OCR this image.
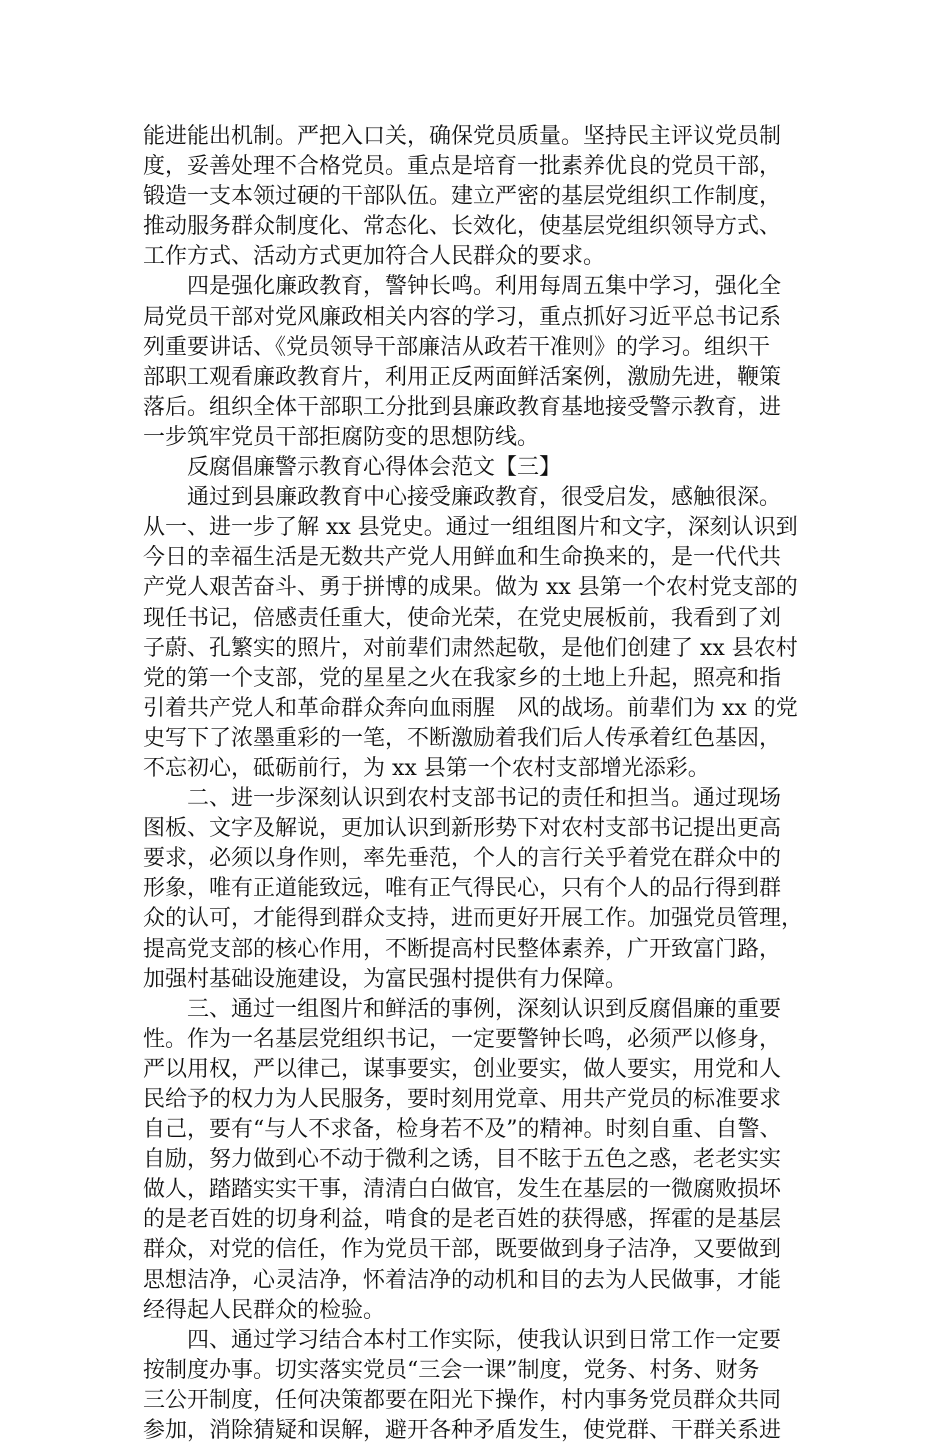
能进能出机制。严把入口关，确保党员质量。坚持民主评议党员制
度，妥善处理不合格党员。重点是培育一批素养优良的党员干部，
锻造一支本领过硬的干部队伍。建立严密的基层党组织工作制度，
推动服务群众制度化、常态化、长效化，使基层党组织领导方式、
工作方式、活动方式更加符合人民群众的要求。
　　四是强化廉政教育，警钟长鸣。利用每周五集中学习，强化全
局党员干部对党风廉政相关内容的学习，重点抓好习近平总书记系
列重要讲话、《党员领导干部廉洁从政若干准则》的学习。组织干
部职工观看廉政教育片，利用正反两面鲜活案例，激励先进，鞭策
落后。组织全体干部职工分批到县廉政教育基地接受警示教育，进
一步筑牢党员干部拒腐防变的思想防线。
　　反腐倡廉警示教育心得体会范文【三】
　　通过到县廉政教育中心接受廉政教育，很受启发，感触很深。
从一、进一步了解 xx 县党史。通过一组组图片和文字，深刻认识到
今日的幸福生活是无数共产党人用鲜血和生命换来的，是一代代共
产党人艰苦奋斗、勇于拼博的成果。做为 xx 县第一个农村党支部的
现任书记，倍感责任重大，使命光荣，在党史展板前，我看到了刘
子蔚、孔繁实的照片，对前辈们肃然起敬，是他们创建了 xx 县农村
党的第一个支部，党的星星之火在我家乡的土地上升起，照亮和指
引着共产党人和革命群众奔向血雨腥　风的战场。前辈们为 xx 的党
史写下了浓墨重彩的一笔，不断激励着我们后人传承着红色基因，
不忘初心，砥砺前行，为 xx 县第一个农村支部增光添彩。
　　二、进一步深刻认识到农村支部书记的责任和担当。通过现场
图板、文字及解说，更加认识到新形势下对农村支部书记提出更高
要求，必须以身作则，率先垂范，个人的言行关乎着党在群众中的
形象，唯有正道能致远，唯有正气得民心，只有个人的品行得到群
众的认可，才能得到群众支持，进而更好开展工作。加强党员管理，
提高党支部的核心作用，不断提高村民整体素养，广开致富门路，
加强村基础设施建设，为富民强村提供有力保障。
　　三、通过一组图片和鲜活的事例，深刻认识到反腐倡廉的重要
性。作为一名基层党组织书记，一定要警钟长鸣，必须严以修身，
严以用权，严以律己，谋事要实，创业要实，做人要实，用党和人
民给予的权力为人民服务，要时刻用党章、用共产党员的标准要求
自己，要有“与人不求备，检身若不及”的精神。时刻自重、自警、
自励，努力做到心不动于微利之诱，目不眩于五色之惑，老老实实
做人，踏踏实实干事，清清白白做官，发生在基层的一微腐败损坏
的是老百姓的切身利益，啃食的是老百姓的获得感，挥霍的是基层
群众，对党的信任，作为党员干部，既要做到身子洁净，又要做到
思想洁净，心灵洁净，怀着洁净的动机和目的去为人民做事，才能
经得起人民群众的检验。
　　四、通过学习结合本村工作实际，使我认识到日常工作一定要
按制度办事。切实落实党员“三会一课”制度，党务、村务、财务
三公开制度，任何决策都要在阳光下操作，村内事务党员群众共同
参加，消除猜疑和误解，避开各种矛盾发生，使党群、干群关系进
